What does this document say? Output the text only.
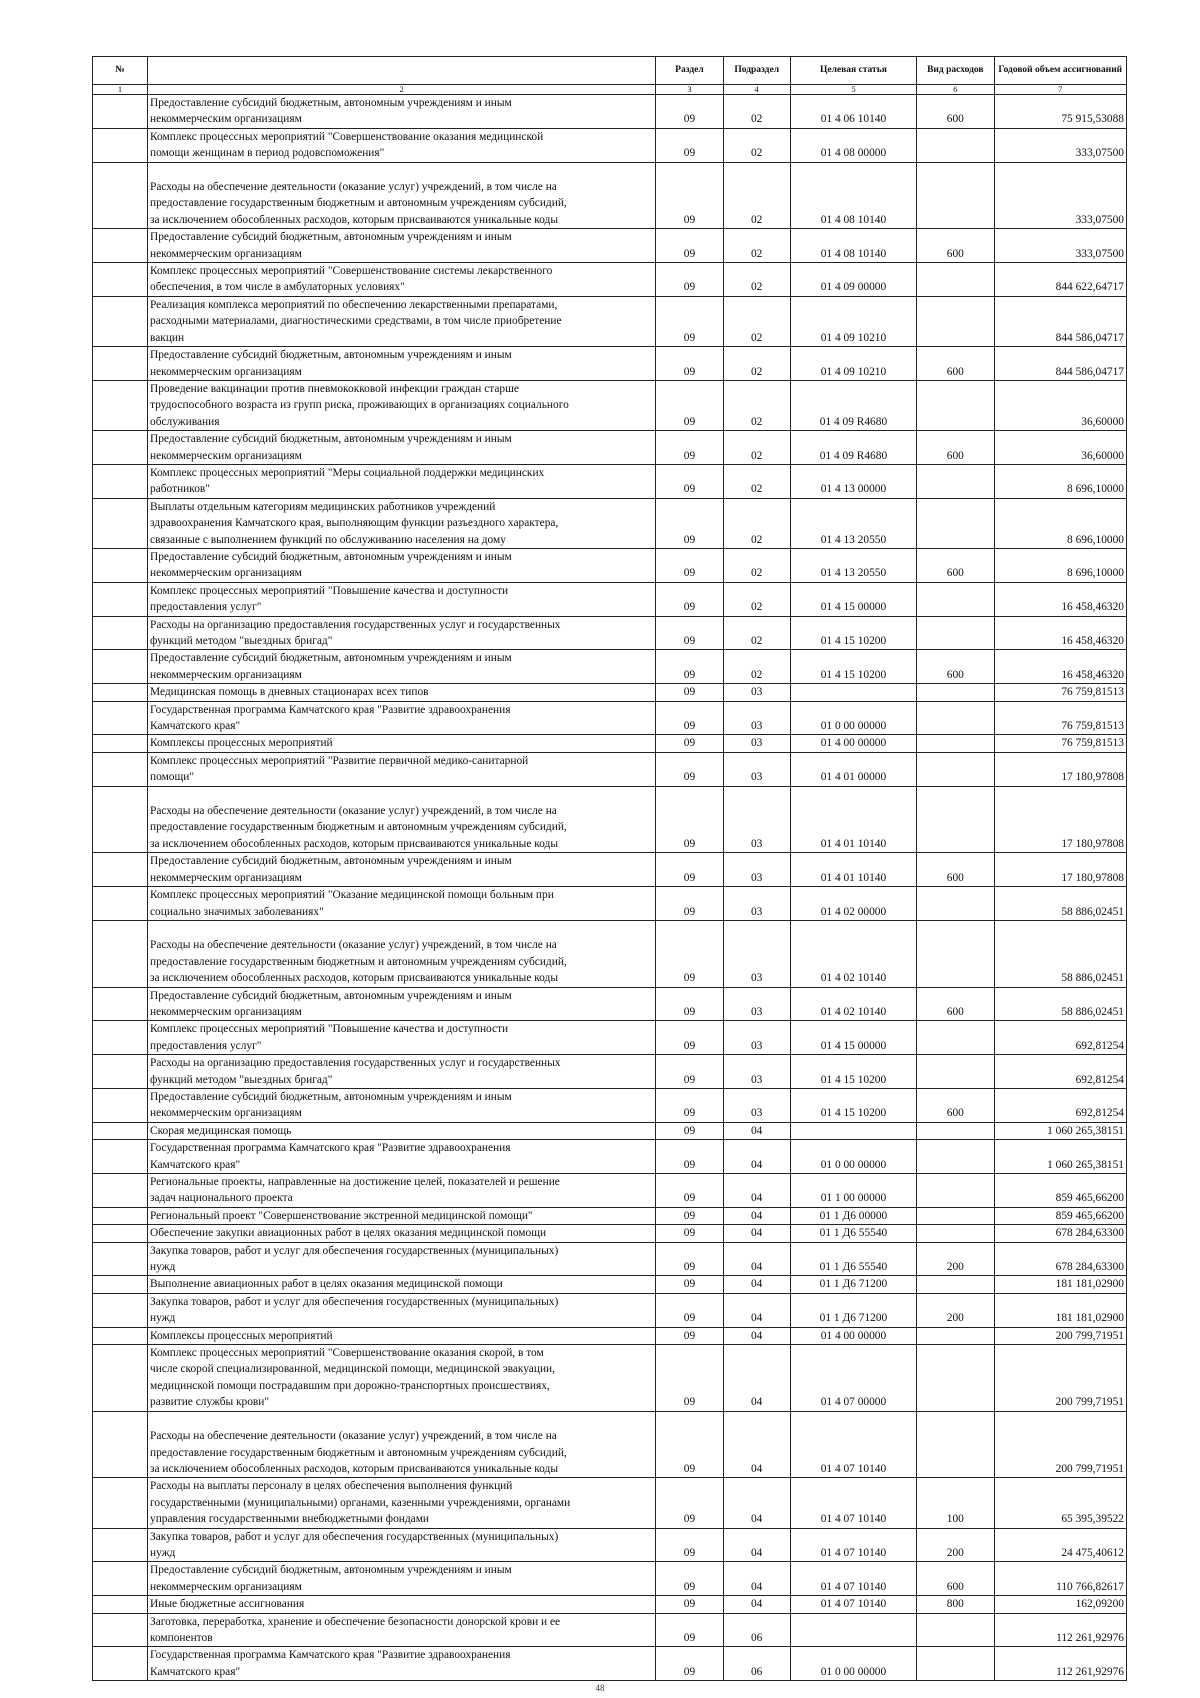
№		Раздел	Подраздел	Целевая статья	Вид расходов	Годовой объем ассигнований
1	2	3	4	5	6	7
	Предоставление субсидий бюджетным, автономным учреждениям и иным
некоммерческим организациям	09	02	01 4 06 10140	600	75 915,53088
	Комплекс процессных мероприятий "Совершенствование оказания медицинской
помощи женщинам в период родовспоможения"	09	02	01 4 08 00000		333,07500

Расходы на обеспечение деятельности (оказание услуг) учреждений, в том числе на
предоставление государственным бюджетным и автономным учреждениям субсидий,
за исключением обособленных расходов, которым присваиваются уникальные коды	09	02	01 4 08 10140		333,07500
	Предоставление субсидий бюджетным, автономным учреждениям и иным
некоммерческим организациям	09	02	01 4 08 10140	600	333,07500
	Комплекс процессных мероприятий "Совершенствование системы лекарственного
обеспечения, в том числе в амбулаторных условиях"	09	02	01 4 09 00000		844 622,64717
	Реализация комплекса мероприятий по обеспечению лекарственными препаратами,
расходными материалами, диагностическими средствами, в том числе приобретение
вакцин	09	02	01 4 09 10210		844 586,04717
	Предоставление субсидий бюджетным, автономным учреждениям и иным
некоммерческим организациям	09	02	01 4 09 10210	600	844 586,04717
	Проведение вакцинации против пневмококковой инфекции граждан старше
трудоспособного возраста из групп риска, проживающих в организациях социального
обслуживания	09	02	01 4 09 R4680		36,60000
	Предоставление субсидий бюджетным, автономным учреждениям и иным
некоммерческим организациям	09	02	01 4 09 R4680	600	36,60000
	Комплекс процессных мероприятий "Меры социальной поддержки медицинских
работников"	09	02	01 4 13 00000		8 696,10000
	Выплаты отдельным категориям медицинских работников учреждений
здравоохранения Камчатского края, выполняющим функции разъездного характера,
связанные с выполнением функций по обслуживанию населения на дому	09	02	01 4 13 20550		8 696,10000
	Предоставление субсидий бюджетным, автономным учреждениям и иным
некоммерческим организациям	09	02	01 4 13 20550	600	8 696,10000
	Комплекс процессных мероприятий "Повышение качества и доступности
предоставления услуг"	09	02	01 4 15 00000		16 458,46320
	Расходы на организацию предоставления государственных услуг и государственных
функций методом "выездных бригад"	09	02	01 4 15 10200		16 458,46320
	Предоставление субсидий бюджетным, автономным учреждениям и иным
некоммерческим организациям	09	02	01 4 15 10200	600	16 458,46320
	Медицинская помощь в дневных стационарах всех типов	09	03			76 759,81513
	Государственная программа Камчатского края "Развитие здравоохранения
Камчатского края"	09	03	01 0 00 00000		76 759,81513
	Комплексы процессных мероприятий	09	03	01 4 00 00000		76 759,81513
	Комплекс процессных мероприятий "Развитие первичной медико-санитарной
помощи"	09	03	01 4 01 00000		17 180,97808

Расходы на обеспечение деятельности (оказание услуг) учреждений, в том числе на
предоставление государственным бюджетным и автономным учреждениям субсидий,
за исключением обособленных расходов, которым присваиваются уникальные коды	09	03	01 4 01 10140		17 180,97808
	Предоставление субсидий бюджетным, автономным учреждениям и иным
некоммерческим организациям	09	03	01 4 01 10140	600	17 180,97808
	Комплекс процессных мероприятий "Оказание медицинской помощи больным при
социально значимых заболеваниях"	09	03	01 4 02 00000		58 886,02451

Расходы на обеспечение деятельности (оказание услуг) учреждений, в том числе на
предоставление государственным бюджетным и автономным учреждениям субсидий,
за исключением обособленных расходов, которым присваиваются уникальные коды	09	03	01 4 02 10140		58 886,02451
	Предоставление субсидий бюджетным, автономным учреждениям и иным
некоммерческим организациям	09	03	01 4 02 10140	600	58 886,02451
	Комплекс процессных мероприятий "Повышение качества и доступности
предоставления услуг"	09	03	01 4 15 00000		692,81254
	Расходы на организацию предоставления государственных услуг и государственных
функций методом "выездных бригад"	09	03	01 4 15 10200		692,81254
	Предоставление субсидий бюджетным, автономным учреждениям и иным
некоммерческим организациям	09	03	01 4 15 10200	600	692,81254
	Скорая медицинская помощь	09	04			1 060 265,38151
	Государственная программа Камчатского края "Развитие здравоохранения
Камчатского края"	09	04	01 0 00 00000		1 060 265,38151
	Региональные проекты, направленные на достижение целей, показателей и решение
задач национального проекта	09	04	01 1 00 00000		859 465,66200
	Региональный проект "Совершенствование экстренной медицинской помощи"	09	04	01 1 Д6 00000		859 465,66200
	Обеспечение закупки авиационных работ в целях оказания медицинской помощи	09	04	01 1 Д6 55540		678 284,63300
	Закупка товаров, работ и услуг для обеспечения государственных (муниципальных)
нужд	09	04	01 1 Д6 55540	200	678 284,63300
	Выполнение авиационных работ в целях оказания медицинской помощи	09	04	01 1 Д6 71200		181 181,02900
	Закупка товаров, работ и услуг для обеспечения государственных (муниципальных)
нужд	09	04	01 1 Д6 71200	200	181 181,02900
	Комплексы процессных мероприятий	09	04	01 4 00 00000		200 799,71951
	Комплекс процессных мероприятий "Совершенствование оказания скорой, в том
числе скорой специализированной, медицинской помощи, медицинской эвакуации,
медицинской помощи пострадавшим при дорожно-транспортных происшествиях,
развитие службы крови"	09	04	01 4 07 00000		200 799,71951

Расходы на обеспечение деятельности (оказание услуг) учреждений, в том числе на
предоставление государственным бюджетным и автономным учреждениям субсидий,
за исключением обособленных расходов, которым присваиваются уникальные коды	09	04	01 4 07 10140		200 799,71951
	Расходы на выплаты персоналу в целях обеспечения выполнения функций
государственными (муниципальными) органами, казенными учреждениями, органами
управления государственными внебюджетными фондами	09	04	01 4 07 10140	100	65 395,39522
	Закупка товаров, работ и услуг для обеспечения государственных (муниципальных)
нужд	09	04	01 4 07 10140	200	24 475,40612
	Предоставление субсидий бюджетным, автономным учреждениям и иным
некоммерческим организациям	09	04	01 4 07 10140	600	110 766,82617
	Иные бюджетные ассигнования	09	04	01 4 07 10140	800	162,09200
	Заготовка, переработка, хранение и обеспечение безопасности донорской крови и ее
компонентов	09	06			112 261,92976
	Государственная программа Камчатского края "Развитие здравоохранения
Камчатского края"	09	06	01 0 00 00000		112 261,92976
48
